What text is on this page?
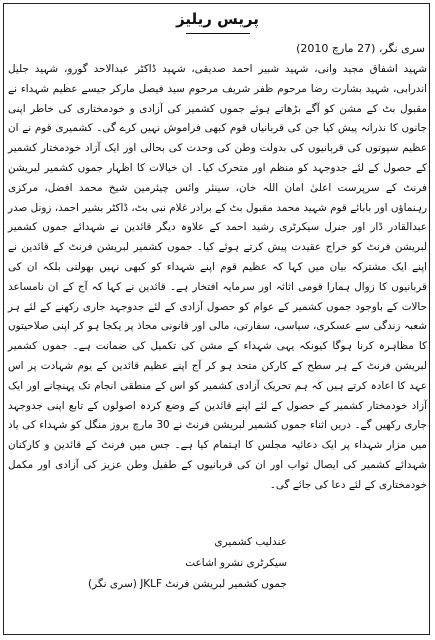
پریس ریلیز
سری نگر، (27 مارچ 2010)

شہید اشفاق مجید وانی، شہید شبیر احمد صدیقی، شہید ڈاکٹر عبدالاحد گورو، شہید جلیل اندرابی، شہید بشارت رضا مرحوم ظفر شریف مرحوم سید فیصل مارکر جیسے عظیم شہداء نے مقبول بٹ کے مشن کو آگے بڑھاتے ہوئے جموں کشمیر کی آزادی و خودمختاری کی خاطر اپنی جانوں کا نذرانہ پیش کیا جن کی قربانیاں قوم کبھی فراموش نہیں کرے گی۔ کشمیری قوم نے ان عظیم سپوتوں کی قربانیوں کی بدولت وطن کی وحدت کی بحالی اور ایک آزاد خودمختار کشمیر کے حصول کے لئے جدوجہد کو منظم اور متحرک کیا۔ ان خیالات کا اظہار جموں کشمیر لبریشن فرنٹ کے سرپرست اعلیٰ امان اللہ خان، سینئر وائس چیئرمین شیخ محمد افضل، مرکزی رہنماؤں اور بابائے قوم شہید محمد مقبول بٹ کے برادر غلام نبی بٹ، ڈاکٹر بشیر احمد، زونل صدر عبدالقادر ڈار اور جنرل سیکرٹری رشید احمد کے علاوہ دیگر قائدین نے شہدائے جموں کشمیر لبریشن فرنٹ کو خراج عقیدت پیش کرتے ہوئے کیا۔ جموں کشمیر لبریشن فرنٹ کے قائدین نے اپنے ایک مشترکہ بیان میں کہا کہ عظیم قوم اپنے شہداء کو کبھی نہیں بھولتی بلکہ ان کی قربانیوں کا زوال ہمارا قومی اثاثہ اور سرمایہ افتخار ہے۔ قائدین نے کہا کہ آج کے ان نامساعد حالات کے باوجود جموں کشمیر کے عوام کو حصول آزادی کے لئے جدوجہد جاری رکھنے کے لئے ہر شعبہ زندگی سے عسکری، سیاسی، سفارتی، مالی اور قانونی محاذ پر یکجا ہو کر اپنی صلاحیتوں کا مظاہرہ کرنا ہوگا کیونکہ یہی شہداء کے مشن کی تکمیل کی ضمانت ہے۔ جموں کشمیر لبریشن فرنٹ کے ہر سطح کے کارکن متحد ہو کر آج اپنے عظیم قائدین کے یوم شہادت پر اس عہد کا اعادہ کرتے ہیں کہ ہم تحریک آزادی کشمیر کو اس کے منطقی انجام تک پہنچانے اور ایک آزاد خودمختار کشمیر کے حصول کے لئے اپنے قائدین کے وضع کردہ اصولوں کے تابع اپنی جدوجہد جاری رکھیں گے۔ دریں اثناء جموں کشمیر لبریشن فرنٹ نے 30 مارچ بروز منگل کو شہداء کی یاد میں مزار شہداء پر ایک دعائیہ مجلس کا اہتمام کیا ہے۔ جس میں فرنٹ کے قائدین و کارکنان شہدائے کشمیر کی ایصال ثواب اور ان کی قربانیوں کے طفیل وطن عزیز کی آزادی اور مکمل خودمختاری کے لئے دعا کی جائے گی۔

عندلیب کشمیری
سیکرٹری نشرو اشاعت
جموں کشمیر لبریشن فرنٹ JKLF (سری نگر)
